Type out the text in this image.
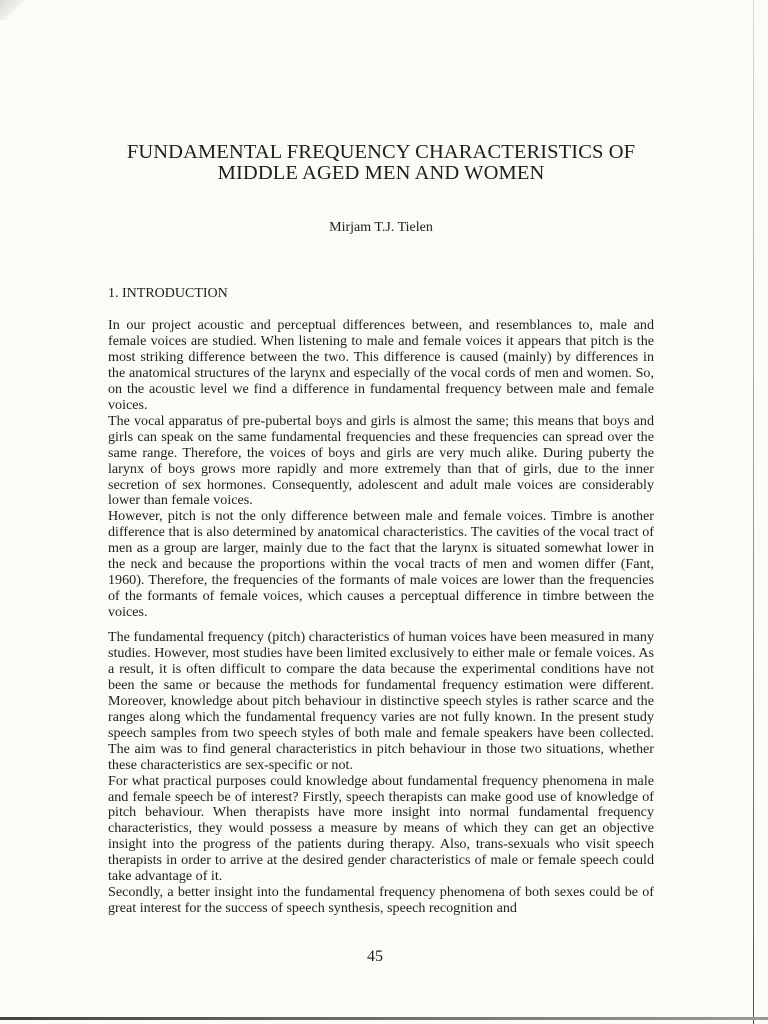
FUNDAMENTAL FREQUENCY CHARACTERISTICS OF
MIDDLE AGED MEN AND WOMEN
Mirjam T.J. Tielen
1. INTRODUCTION

In our project acoustic and perceptual differences between, and resemblances to, male and female voices are studied. When listening to male and female voices it appears that pitch is the most striking difference between the two. This difference is caused (mainly) by differences in the anatomical structures of the larynx and especially of the vocal cords of men and women. So, on the acoustic level we find a difference in fundamental frequency between male and female voices.

The vocal apparatus of pre-pubertal boys and girls is almost the same; this means that boys and girls can speak on the same fundamental frequencies and these frequencies can spread over the same range. Therefore, the voices of boys and girls are very much alike. During puberty the larynx of boys grows more rapidly and more extremely than that of girls, due to the inner secretion of sex hormones. Consequently, adolescent and adult male voices are considerably lower than female voices.

However, pitch is not the only difference between male and female voices. Timbre is another difference that is also determined by anatomical characteristics. The cavities of the vocal tract of men as a group are larger, mainly due to the fact that the larynx is situated somewhat lower in the neck and because the proportions within the vocal tracts of men and women differ (Fant, 1960). Therefore, the frequencies of the formants of male voices are lower than the frequencies of the formants of female voices, which causes a perceptual difference in timbre between the voices.

The fundamental frequency (pitch) characteristics of human voices have been measured in many studies. However, most studies have been limited exclusively to either male or female voices. As a result, it is often difficult to compare the data because the experimental conditions have not been the same or because the methods for fundamental frequency estimation were different. Moreover, knowledge about pitch behaviour in distinctive speech styles is rather scarce and the ranges along which the fundamental frequency varies are not fully known. In the present study speech samples from two speech styles of both male and female speakers have been collected. The aim was to find general characteristics in pitch behaviour in those two situations, whether these characteristics are sex-specific or not.

For what practical purposes could knowledge about fundamental frequency phenomena in male and female speech be of interest? Firstly, speech therapists can make good use of knowledge of pitch behaviour. When therapists have more insight into normal fundamental frequency characteristics, they would possess a measure by means of which they can get an objective insight into the progress of the patients during therapy. Also, trans-sexuals who visit speech therapists in order to arrive at the desired gender characteristics of male or female speech could take advantage of it.

Secondly, a better insight into the fundamental frequency phenomena of both sexes could be of great interest for the success of speech synthesis, speech recognition and

45
